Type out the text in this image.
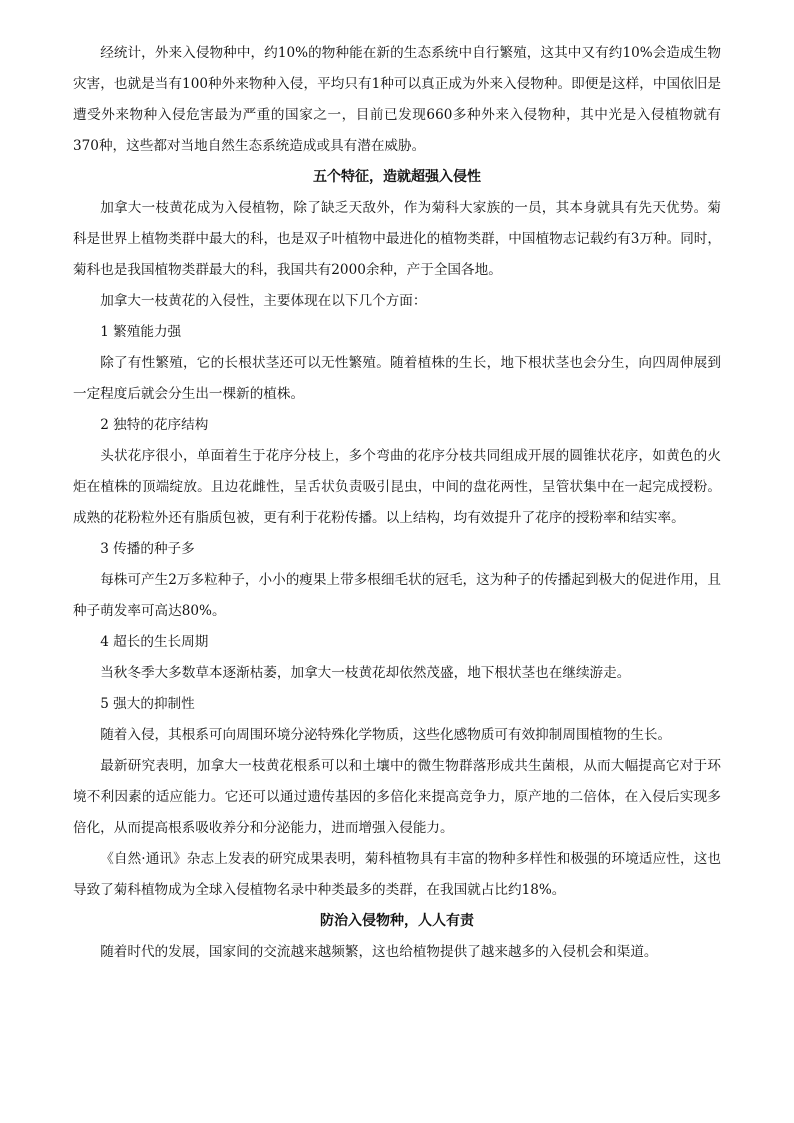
经统计，外来入侵物种中，约10%的物种能在新的生态系统中自行繁殖，这其中又有约10%会造成生物灾害，也就是当有100种外来物种入侵，平均只有1种可以真正成为外来入侵物种。即便是这样，中国依旧是遭受外来物种入侵危害最为严重的国家之一，目前已发现660多种外来入侵物种，其中光是入侵植物就有370种，这些都对当地自然生态系统造成或具有潜在威胁。

五个特征，造就超强入侵性

加拿大一枝黄花成为入侵植物，除了缺乏天敌外，作为菊科大家族的一员，其本身就具有先天优势。菊科是世界上植物类群中最大的科，也是双子叶植物中最进化的植物类群，中国植物志记载约有3万种。同时，菊科也是我国植物类群最大的科，我国共有2000余种，产于全国各地。

加拿大一枝黄花的入侵性，主要体现在以下几个方面：

1 繁殖能力强

除了有性繁殖，它的长根状茎还可以无性繁殖。随着植株的生长，地下根状茎也会分生，向四周伸展到一定程度后就会分生出一棵新的植株。

2 独特的花序结构

头状花序很小，单面着生于花序分枝上，多个弯曲的花序分枝共同组成开展的圆锥状花序，如黄色的火炬在植株的顶端绽放。且边花雌性，呈舌状负责吸引昆虫，中间的盘花两性，呈管状集中在一起完成授粉。成熟的花粉粒外还有脂质包被，更有利于花粉传播。以上结构，均有效提升了花序的授粉率和结实率。

3 传播的种子多

每株可产生2万多粒种子，小小的瘦果上带多根细毛状的冠毛，这为种子的传播起到极大的促进作用，且种子萌发率可高达80%。

4 超长的生长周期

当秋冬季大多数草本逐渐枯萎，加拿大一枝黄花却依然茂盛，地下根状茎也在继续游走。

5 强大的抑制性

随着入侵，其根系可向周围环境分泌特殊化学物质，这些化感物质可有效抑制周围植物的生长。

最新研究表明，加拿大一枝黄花根系可以和土壤中的微生物群落形成共生菌根，从而大幅提高它对于环境不利因素的适应能力。它还可以通过遗传基因的多倍化来提高竞争力，原产地的二倍体，在入侵后实现多倍化，从而提高根系吸收养分和分泌能力，进而增强入侵能力。

《自然·通讯》杂志上发表的研究成果表明，菊科植物具有丰富的物种多样性和极强的环境适应性，这也导致了菊科植物成为全球入侵植物名录中种类最多的类群，在我国就占比约18%。

防治入侵物种，人人有责

随着时代的发展，国家间的交流越来越频繁，这也给植物提供了越来越多的入侵机会和渠道。
